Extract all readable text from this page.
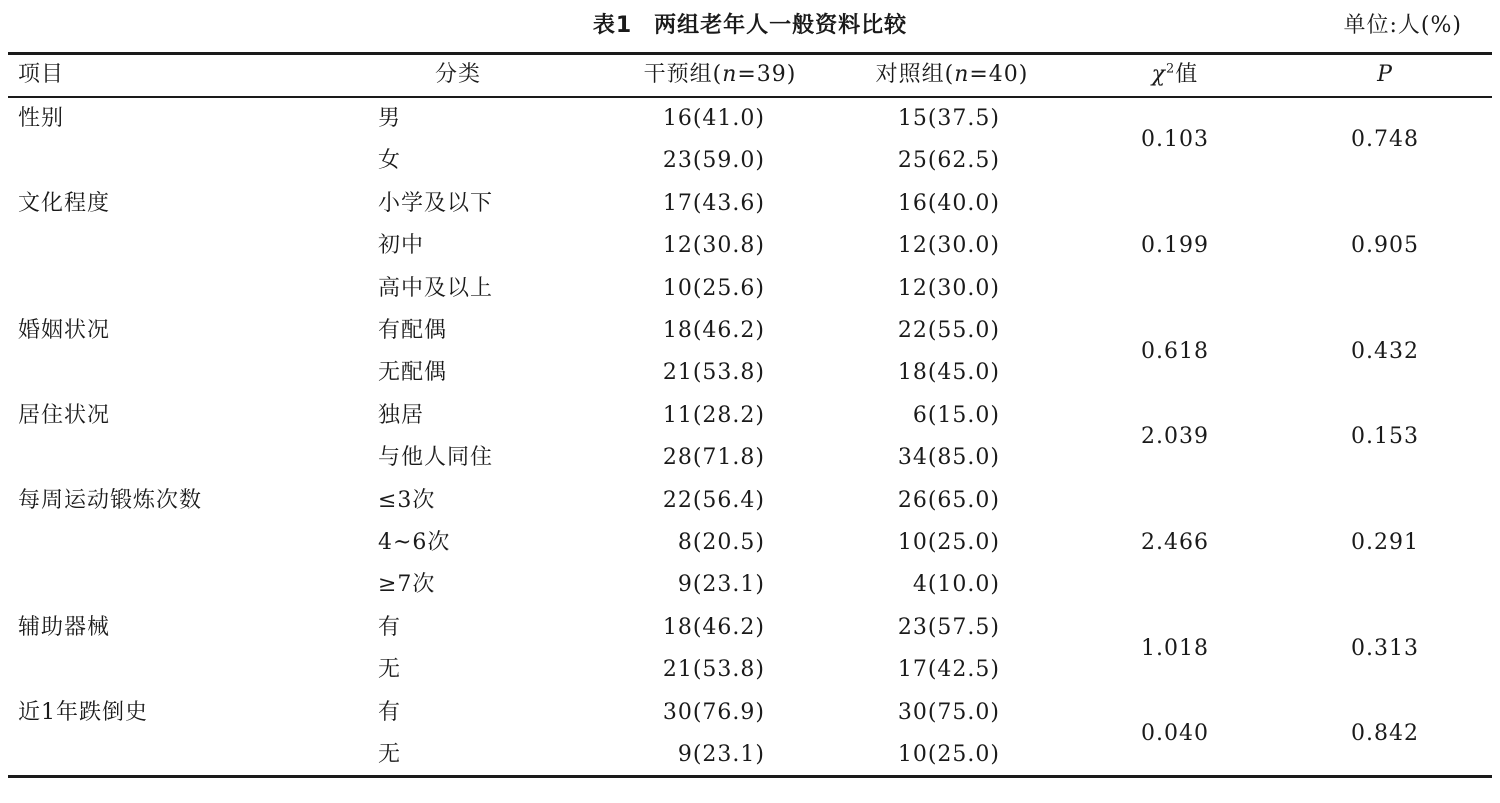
表1 两组老年人一般资料比较	单位:人(%)
项目	分类	干预组(n=39)	对照组(n=40)	$\chi^2$值	P
性别	男	16(41.0)	15(37.5)
女	23(59.0)	25(62.5)
0.103	0.748
文化程度	小学及以下	17(43.6)	16(40.0)
初中	12(30.8)	12(30.0)
高中及以上	10(25.6)	12(30.0)
0.199	0.905
婚姻状况	有配偶	18(46.2)	22(55.0)
无配偶	21(53.8)	18(45.0)
0.618	0.432
居住状况	独居	11(28.2)	6(15.0)
与他人同住	28(71.8)	34(85.0)
2.039	0.153
每周运动锻炼次数	≤3次	22(56.4)	26(65.0)
4~6次	8(20.5)	10(25.0)
≥7次	9(23.1)	4(10.0)
2.466	0.291
辅助器械	有	18(46.2)	23(57.5)
无	21(53.8)	17(42.5)
1.018	0.313
近1年跌倒史	有	30(76.9)	30(75.0)
无	9(23.1)	10(25.0)
0.040	0.842
